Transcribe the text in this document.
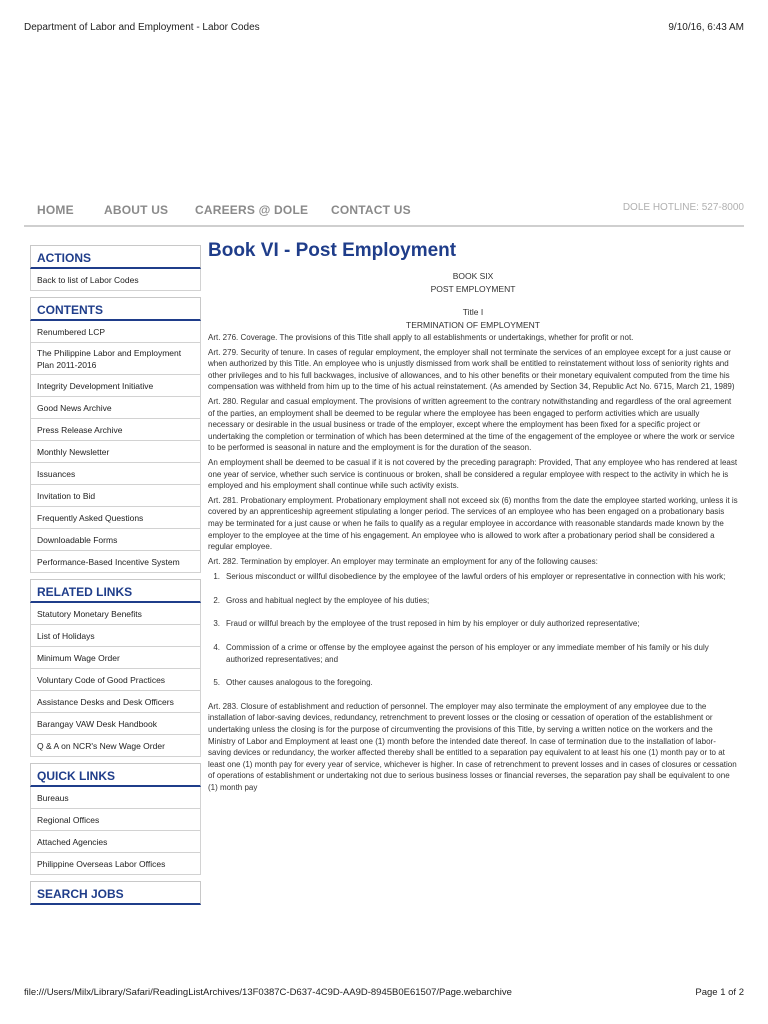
Department of Labor and Employment - Labor Codes	9/10/16, 6:43 AM
HOME	ABOUT US CAREERS @ DOLE CONTACT US	DOLE HOTLINE: 527-8000
ACTIONS
Back to list of Labor Codes
CONTENTS
Renumbered LCP
The Philippine Labor and Employment Plan 2011-2016
Integrity Development Initiative
Good News Archive
Press Release Archive
Monthly Newsletter
Issuances
Invitation to Bid
Frequently Asked Questions
Downloadable Forms
Performance-Based Incentive System
RELATED LINKS
Statutory Monetary Benefits
List of Holidays
Minimum Wage Order
Voluntary Code of Good Practices
Assistance Desks and Desk Officers
Barangay VAW Desk Handbook
Q & A on NCR's New Wage Order
QUICK LINKS
Bureaus
Regional Offices
Attached Agencies
Philippine Overseas Labor Offices
SEARCH JOBS
Book VI - Post Employment
BOOK SIX
POST EMPLOYMENT
Title I
TERMINATION OF EMPLOYMENT

Art. 276. Coverage. The provisions of this Title shall apply to all establishments or undertakings, whether for profit or not.

Art. 279. Security of tenure. In cases of regular employment, the employer shall not terminate the services of an employee except for a just cause or when authorized by this Title. An employee who is unjustly dismissed from work shall be entitled to reinstatement without loss of seniority rights and other privileges and to his full backwages, inclusive of allowances, and to his other benefits or their monetary equivalent computed from the time his compensation was withheld from him up to the time of his actual reinstatement. (As amended by Section 34, Republic Act No. 6715, March 21, 1989)

Art. 280. Regular and casual employment. The provisions of written agreement to the contrary notwithstanding and regardless of the oral agreement of the parties, an employment shall be deemed to be regular where the employee has been engaged to perform activities which are usually necessary or desirable in the usual business or trade of the employer, except where the employment has been fixed for a specific project or undertaking the completion or termination of which has been determined at the time of the engagement of the employee or where the work or service to be performed is seasonal in nature and the employment is for the duration of the season.

An employment shall be deemed to be casual if it is not covered by the preceding paragraph: Provided, That any employee who has rendered at least one year of service, whether such service is continuous or broken, shall be considered a regular employee with respect to the activity in which he is employed and his employment shall continue while such activity exists.

Art. 281. Probationary employment. Probationary employment shall not exceed six (6) months from the date the employee started working, unless it is covered by an apprenticeship agreement stipulating a longer period. The services of an employee who has been engaged on a probationary basis may be terminated for a just cause or when he fails to qualify as a regular employee in accordance with reasonable standards made known by the employer to the employee at the time of his engagement. An employee who is allowed to work after a probationary period shall be considered a regular employee.

Art. 282. Termination by employer. An employer may terminate an employment for any of the following causes:

1. Serious misconduct or willful disobedience by the employee of the lawful orders of his employer or representative in connection with his work;
2. Gross and habitual neglect by the employee of his duties;
3. Fraud or willful breach by the employee of the trust reposed in him by his employer or duly authorized representative;
4. Commission of a crime or offense by the employee against the person of his employer or any immediate member of his family or his duly authorized representatives; and
5. Other causes analogous to the foregoing.

Art. 283. Closure of establishment and reduction of personnel. The employer may also terminate the employment of any employee due to the installation of labor-saving devices, redundancy, retrenchment to prevent losses or the closing or cessation of operation of the establishment or undertaking unless the closing is for the purpose of circumventing the provisions of this Title, by serving a written notice on the workers and the Ministry of Labor and Employment at least one (1) month before the intended date thereof. In case of termination due to the installation of labor-saving devices or redundancy, the worker affected thereby shall be entitled to a separation pay equivalent to at least his one (1) month pay or to at least one (1) month pay for every year of service, whichever is higher. In case of retrenchment to prevent losses and in cases of closures or cessation of operations of establishment or undertaking not due to serious business losses or financial reverses, the separation pay shall be equivalent to one (1) month pay

file:///Users/Milx/Library/Safari/ReadingListArchives/13F0387C-D637-4C9D-AA9D-8945B0E61507/Page.webarchive	Page 1 of 2
